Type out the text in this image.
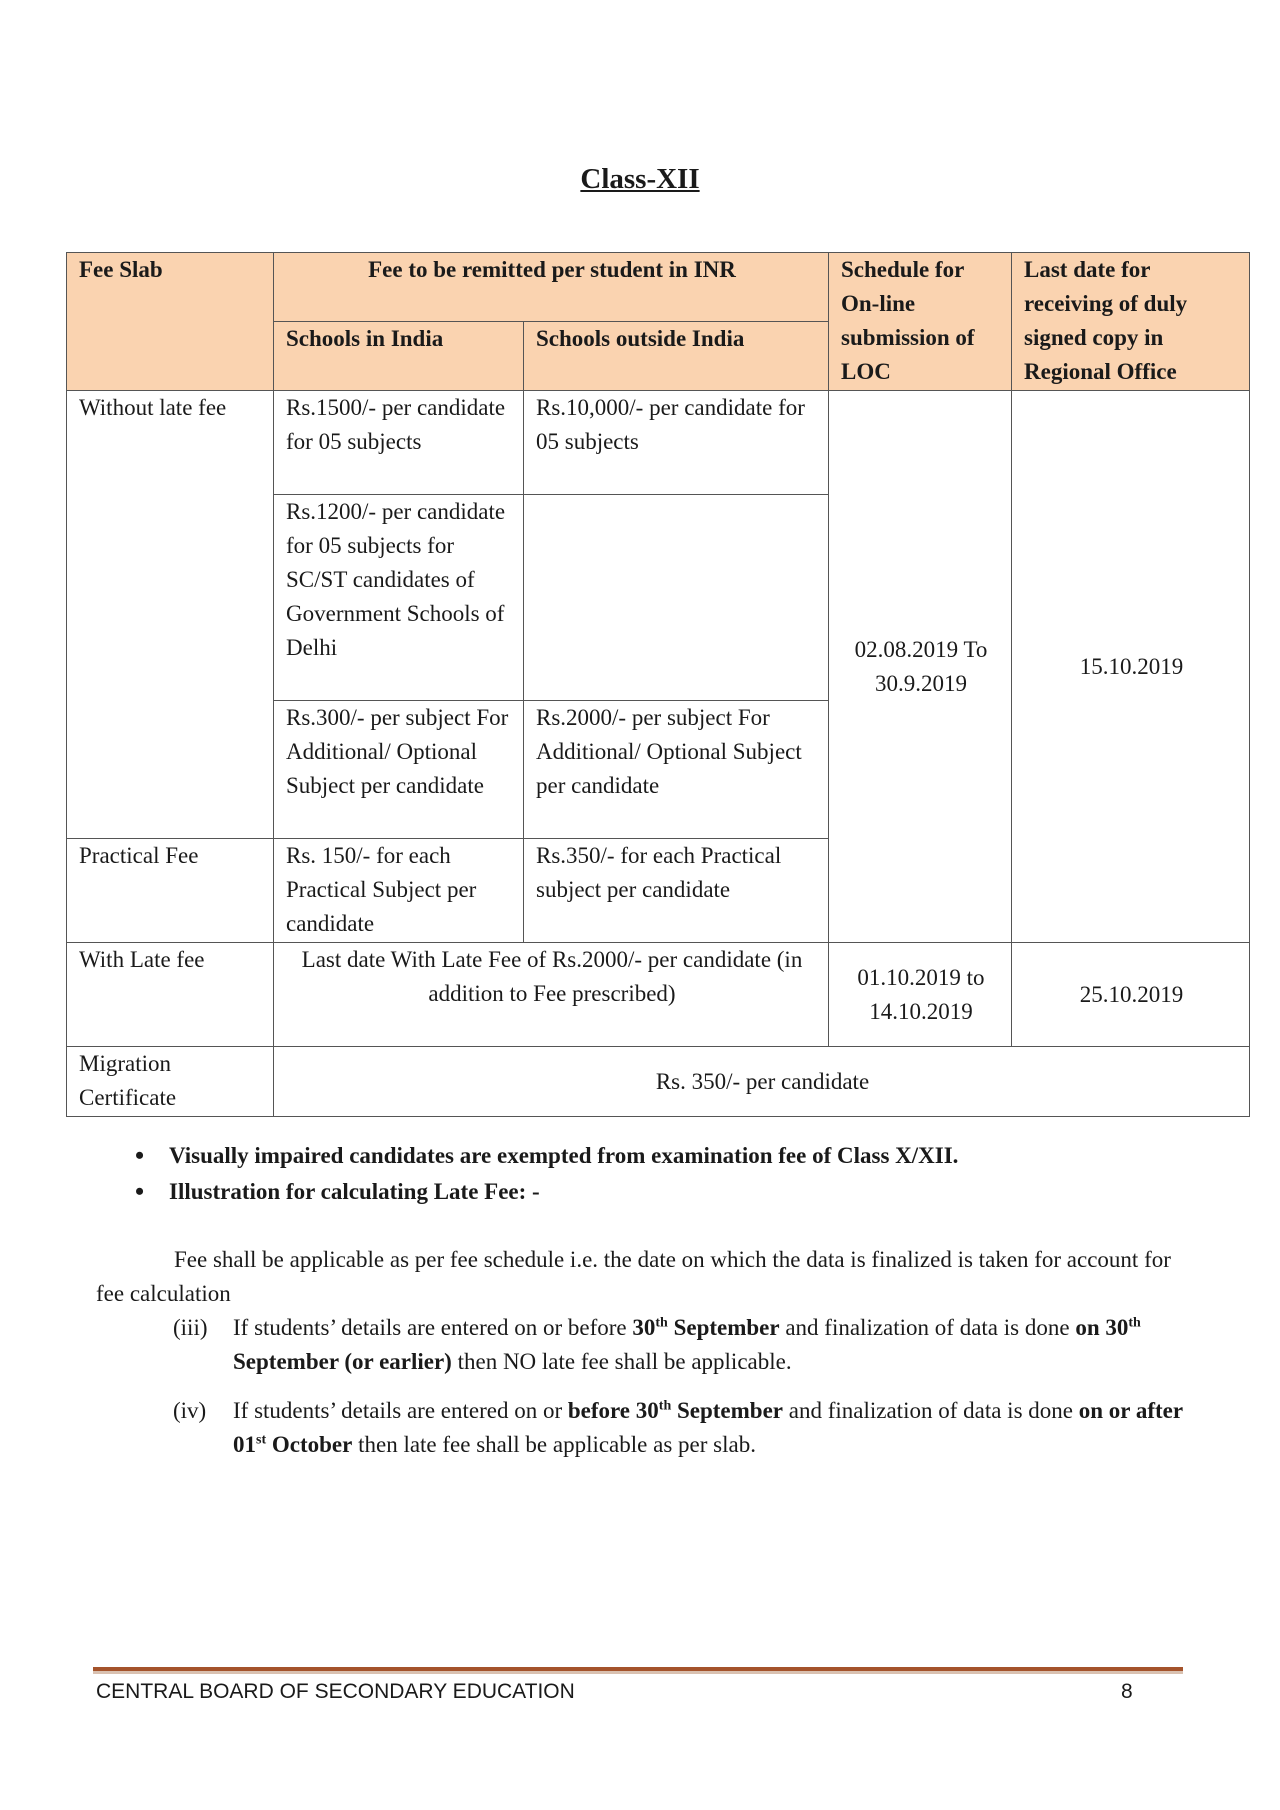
Class-XII
Fee Slab	Fee to be remitted per student in INR		Schedule for On-line submission of LOC	Last date for receiving of duly signed copy in Regional Office
	Schools in India	Schools outside India		
Without late fee	Rs.1500/- per candidate for 05 subjects	Rs.10,000/- per candidate for 05 subjects	02.08.2019 To 30.9.2019	15.10.2019
	Rs.1200/- per candidate for 05 subjects for SC/ST candidates of Government Schools of Delhi			
	Rs.300/- per subject For Additional/ Optional Subject per candidate	Rs.2000/- per subject For Additional/ Optional Subject per candidate		
Practical Fee	Rs. 150/- for each Practical Subject per candidate	Rs.350/- for each Practical subject per candidate		
With Late fee	Last date With Late Fee of Rs.2000/- per candidate (in addition to Fee prescribed)		01.10.2019 to 14.10.2019	25.10.2019
Migration Certificate	Rs. 350/- per candidate			
• Visually impaired candidates are exempted from examination fee of Class X/XII.
• Illustration for calculating Late Fee: -

Fee shall be applicable as per fee schedule i.e. the date on which the data is finalized is taken for account for fee calculation

(iii) If students’ details are entered on or before 30th September and finalization of data is done on 30th September (or earlier) then NO late fee shall be applicable.
(iv) If students’ details are entered on or before 30th September and finalization of data is done on or after 01st October then late fee shall be applicable as per slab.
CENTRAL BOARD OF SECONDARY EDUCATION	8
